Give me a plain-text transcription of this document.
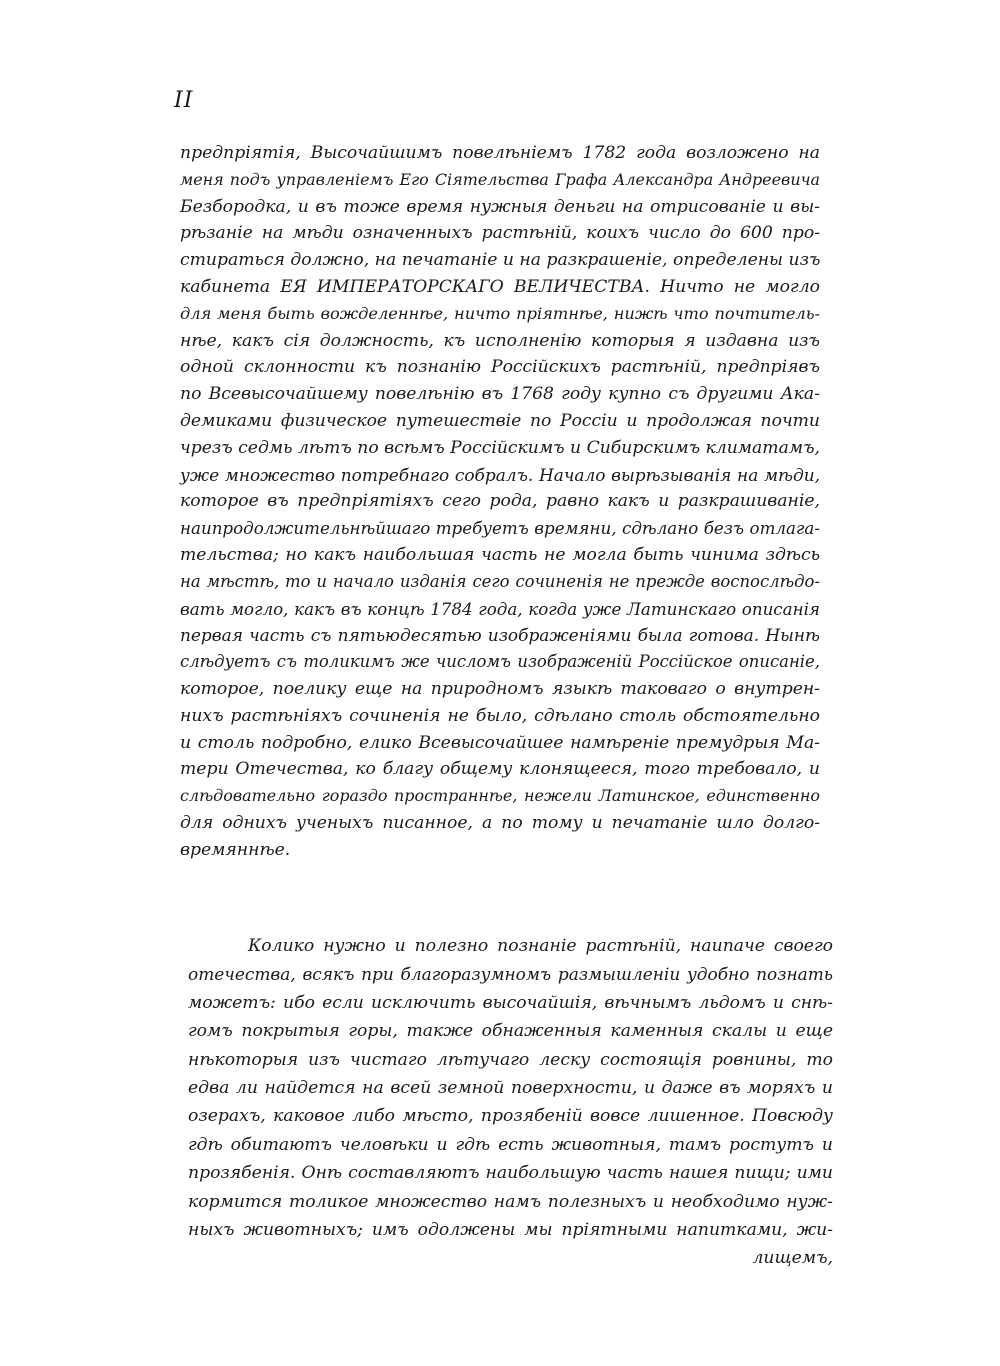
II

предпріятія, Высочайшимъ повелѣніемъ 1782 года возложено на
меня подъ управленіемъ Его Сіятельства Графа Александра Андреевича
Безбородка, и въ тоже время нужныя деньги на отрисованіе и вы-
рѣзаніе на мѣди означенныхъ растѣній, коихъ число до 600 про-
стираться должно, на печатаніе и на разкрашеніе, определены изъ
кабинета ЕЯ ИМПЕРАТОРСКАГО ВЕЛИЧЕСТВА. Ничто не могло
для меня быть вожделеннѣе, ничто пріятнѣе, нижѣ что почтитель-
нѣе, какъ сія должность, къ исполненію которыя я издавна изъ
одной склонности къ познанію Россійскихъ растѣній, предпріявъ
по Всевысочайшему повелѣнію въ 1768 году купно съ другими Ака-
демиками физическое путешествіе по Россіи и продолжая почти
чрезъ седмь лѣтъ по всѣмъ Россійскимъ и Сибирскимъ климатамъ,
уже множество потребнаго собралъ. Начало вырѣзыванія на мѣди,
которое въ предпріятіяхъ сего рода, равно какъ и разкрашиваніе,
наипродолжительнѣйшаго требуетъ времяни, сдѣлано безъ отлага-
тельства; но какъ наибольшая часть не могла быть чинима здѣсь
на мѣстѣ, то и начало изданія сего сочиненія не прежде воспослѣдо-
вать могло, какъ въ концѣ 1784 года, когда уже Латинскаго описанія
первая часть съ пятьюдесятью изображеніями была готова. Нынѣ
слѣдуетъ съ толикимъ же числомъ изображеній Россійское описаніе,
которое, поелику еще на природномъ языкѣ таковаго о внутрен-
нихъ растѣніяхъ сочиненія не было, сдѣлано столь обстоятельно
и столь подробно, елико Всевысочайшее намѣреніе премудрыя Ма-
тери Отечества, ко благу общему клонящееся, того требовало, и
слѣдовательно гораздо пространнѣе, нежели Латинское, единственно
для однихъ ученыхъ писанное, а по тому и печатаніе шло долго-
времяннѣе.

Колико нужно и полезно познаніе растѣній, наипаче своего
отечества, всякъ при благоразумномъ размышленіи удобно познать
можетъ: ибо если исключить высочайшія, вѣчнымъ льдомъ и снѣ-
гомъ покрытыя горы, также обнаженныя каменныя скалы и еще
нѣкоторыя изъ чистаго лѣтучаго леску состоящія ровнины, то
едва ли найдется на всей земной поверхности, и даже въ моряхъ и
озерахъ, каковое либо мѣсто, прозябеній вовсе лишенное. Повсюду
гдѣ обитаютъ человѣки и гдѣ есть животныя, тамъ ростутъ и
прозябенія. Онѣ составляютъ наибольшую часть нашея пищи; ими
кормится толикое множество намъ полезныхъ и необходимо нуж-
ныхъ животныхъ; имъ одолжены мы пріятными напитками, жи-
лищемъ,
